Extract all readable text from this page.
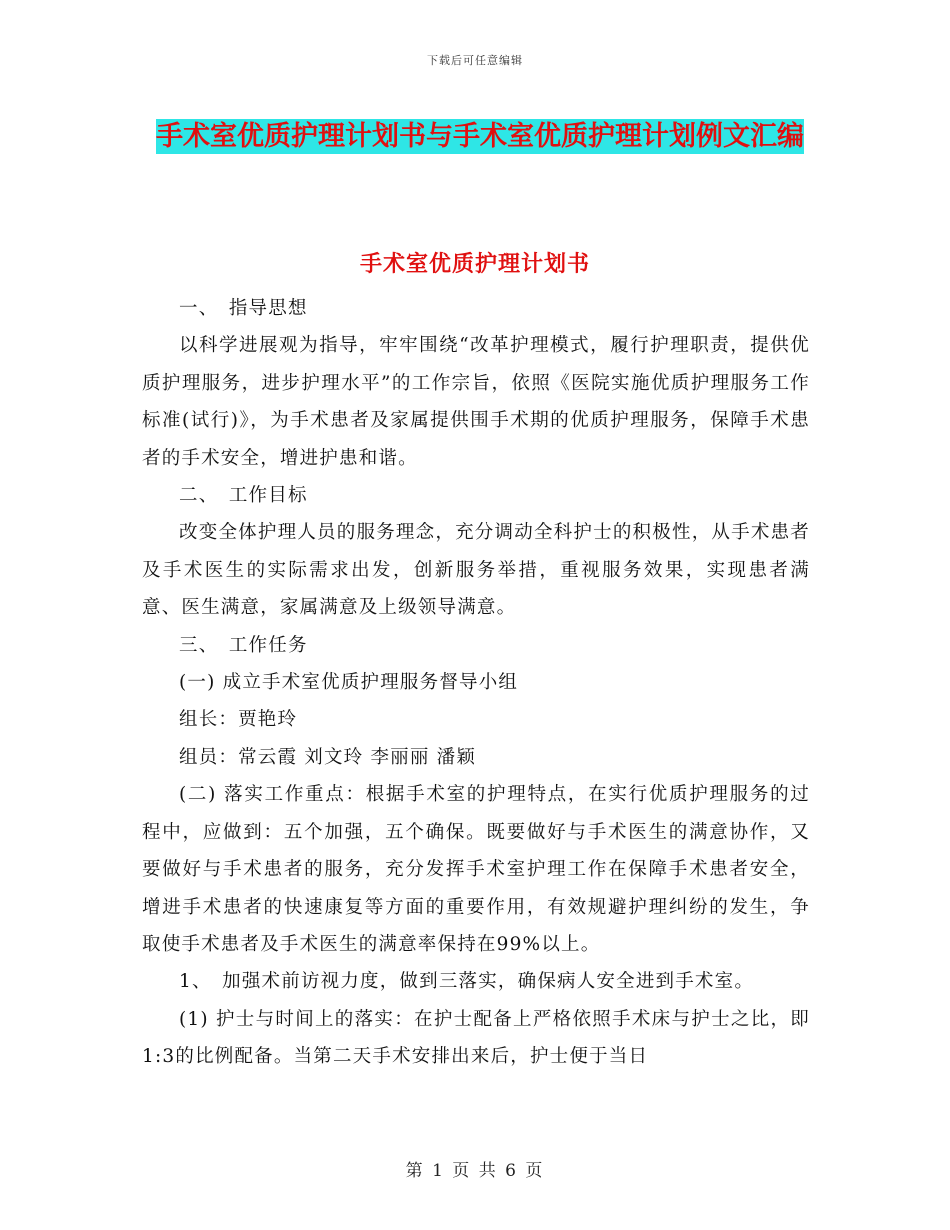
下载后可任意编辑
手术室优质护理计划书与手术室优质护理计划例文汇编
手术室优质护理计划书

一、　指导思想

以科学进展观为指导，牢牢围绕“改革护理模式，履行护理职责，提供优质护理服务，进步护理水平”的工作宗旨，依照《医院实施优质护理服务工作标准(试行)》，为手术患者及家属提供围手术期的优质护理服务，保障手术患者的手术安全，增进护患和谐。

二、　工作目标

改变全体护理人员的服务理念，充分调动全科护士的积极性，从手术患者及手术医生的实际需求出发，创新服务举措，重视服务效果，实现患者满意、医生满意，家属满意及上级领导满意。

三、　工作任务

(一) 成立手术室优质护理服务督导小组

组长：贾艳玲

组员：常云霞 刘文玲 李丽丽 潘颖

(二) 落实工作重点：根据手术室的护理特点，在实行优质护理服务的过程中，应做到：五个加强，五个确保。既要做好与手术医生的满意协作，又要做好与手术患者的服务，充分发挥手术室护理工作在保障手术患者安全，增进手术患者的快速康复等方面的重要作用，有效规避护理纠纷的发生，争取使手术患者及手术医生的满意率保持在99%以上。

1、　加强术前访视力度，做到三落实，确保病人安全进到手术室。

(1) 护士与时间上的落实：在护士配备上严格依照手术床与护士之比，即1:3的比例配备。当第二天手术安排出来后，护士便于当日

第 1 页 共 6 页
